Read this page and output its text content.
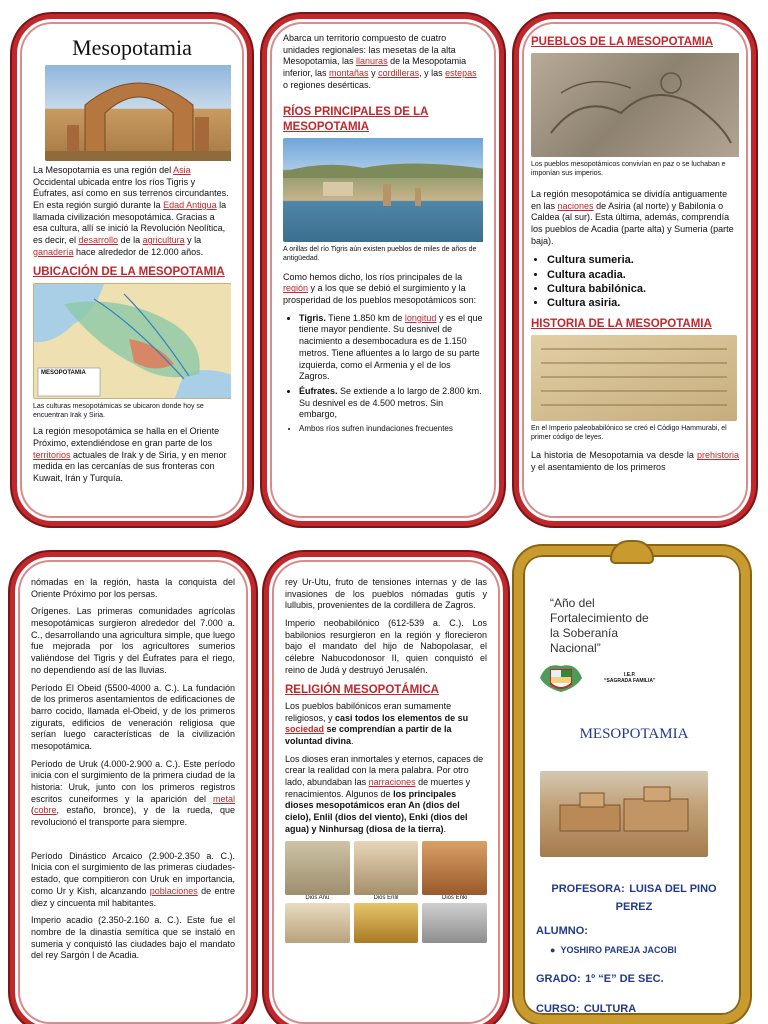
Mesopotamia

La Mesopotamia es una región del Asia Occidental ubicada entre los ríos Tigris y Éufrates, así como en sus terrenos circundantes. En esta región surgió durante la Edad Antigua la llamada civilización mesopotámica. Gracias a esa cultura, allí se inició la Revolución Neolítica, es decir, el desarrollo de la agricultura y la ganadería hace alrededor de 12.000 años.

UBICACIÓN DE LA MESOPOTAMIA
MESOPOTAMIA

Las culturas mesopotámicas se ubicaron donde hoy se encuentran Irak y Siria.

La región mesopotámica se halla en el Oriente Próximo, extendiéndose en gran parte de los territorios actuales de Irak y de Siria, y en menor medida en las cercanías de sus fronteras con Kuwait, Irán y Turquía.

Abarca un territorio compuesto de cuatro unidades regionales: las mesetas de la alta Mesopotamia, las llanuras de la Mesopotamia inferior, las montañas y cordilleras, y las estepas o regiones desérticas.

RÍOS PRINCIPALES DE LA MESOPOTAMIA

A orillas del río Tigris aún existen pueblos de miles de años de antigüedad.

Como hemos dicho, los ríos principales de la región y a los que se debió el surgimiento y la prosperidad de los pueblos mesopotámicos son:

• Tigris. Tiene 1.850 km de longitud y es el que tiene mayor pendiente. Su desnivel de nacimiento a desembocadura es de 1.150 metros. Tiene afluentes a lo largo de su parte izquierda, como el Armenia y el de los Zagros.
• Éufrates. Se extiende a lo largo de 2.800 km. Su desnivel es de 4.500 metros. Sin embargo,
• Ambos ríos sufren inundaciones frecuentes
PUEBLOS DE LA MESOPOTAMIA

Los pueblos mesopotámicos convivían en paz o se luchaban e imponían sus imperios.

La región mesopotámica se dividía antiguamente en las naciones de Asiria (al norte) y Babilonia o Caldea (al sur). Esta última, además, comprendía los pueblos de Acadia (parte alta) y Sumeria (parte baja).

• Cultura sumeria.
• Cultura acadia.
• Cultura babilónica.
• Cultura asiria.
HISTORIA DE LA MESOPOTAMIA

En el Imperio paleobabilónico se creó el Código Hammurabi, el primer código de leyes.

La historia de Mesopotamia va desde la prehistoria y el asentamiento de los primeros

nómadas en la región, hasta la conquista del Oriente Próximo por los persas.

Orígenes. Las primeras comunidades agrícolas mesopotámicas surgieron alrededor del 7.000 a. C., desarrollando una agricultura simple, que luego fue mejorada por los agricultores sumerios valiéndose del Tigris y del Éufrates para el riego, no dependiendo así de las lluvias.

Período El Obeid (5500-4000 a. C.). La fundación de los primeros asentamientos de edificaciones de barro cocido, llamada el-Obeid, y de los primeros zigurats, edificios de veneración religiosa que serían luego características de la civilización mesopotámica.

Período de Uruk (4.000-2.900 a. C.). Este período inicia con el surgimiento de la primera ciudad de la historia: Uruk, junto con los primeros registros escritos cuneiformes y la aparición del metal (cobre, estaño, bronce), y de la rueda, que revolucionó el transporte para siempre.

Período Dinástico Arcaico (2.900-2.350 a. C.). Inicia con el surgimiento de las primeras ciudades-estado, que compitieron con Uruk en importancia, como Ur y Kish, alcanzando poblaciones de entre diez y cincuenta mil habitantes.

Imperio acadio (2.350-2.160 a. C.). Este fue el nombre de la dinastía semítica que se instaló en sumeria y conquistó las ciudades bajo el mandato del rey Sargón I de Acadia.

rey Ur-Utu, fruto de tensiones internas y de las invasiones de los pueblos nómadas gutis y lullubis, provenientes de la cordillera de Zagros.

Imperio neobabilónico (612-539 a. C.). Los babilonios resurgieron en la región y florecieron bajo el mandato del hijo de Nabopolasar, el célebre Nabucodonosor II, quien conquistó el reino de Judá y destruyó Jerusalén.

RELIGIÓN MESOPOTÁMICA

Los pueblos babilónicos eran sumamente religiosos, y casi todos los elementos de su sociedad se comprendían a partir de la voluntad divina.

Los dioses eran inmortales y eternos, capaces de crear la realidad con la mera palabra. Por otro lado, abundaban las narraciones de muertes y renacimientos. Algunos de los principales dioses mesopotámicos eran An (dios del cielo), Enlil (dios del viento), Enki (dios del agua) y Ninhursag (diosa de la tierra).

Dios Anu	Dios Enlil	Dios Enki
“Año del Fortalecimiento de la Soberanía Nacional”
I.E.P.
“SAGRADA FAMILIA”
MESOPOTAMIA
PROFESORA: LUISA DEL PINO PEREZ
ALUMNO:
●  YOSHIRO PAREJA JACOBI
GRADO: 1º “E” DE SEC.
CURSO: CULTURA
